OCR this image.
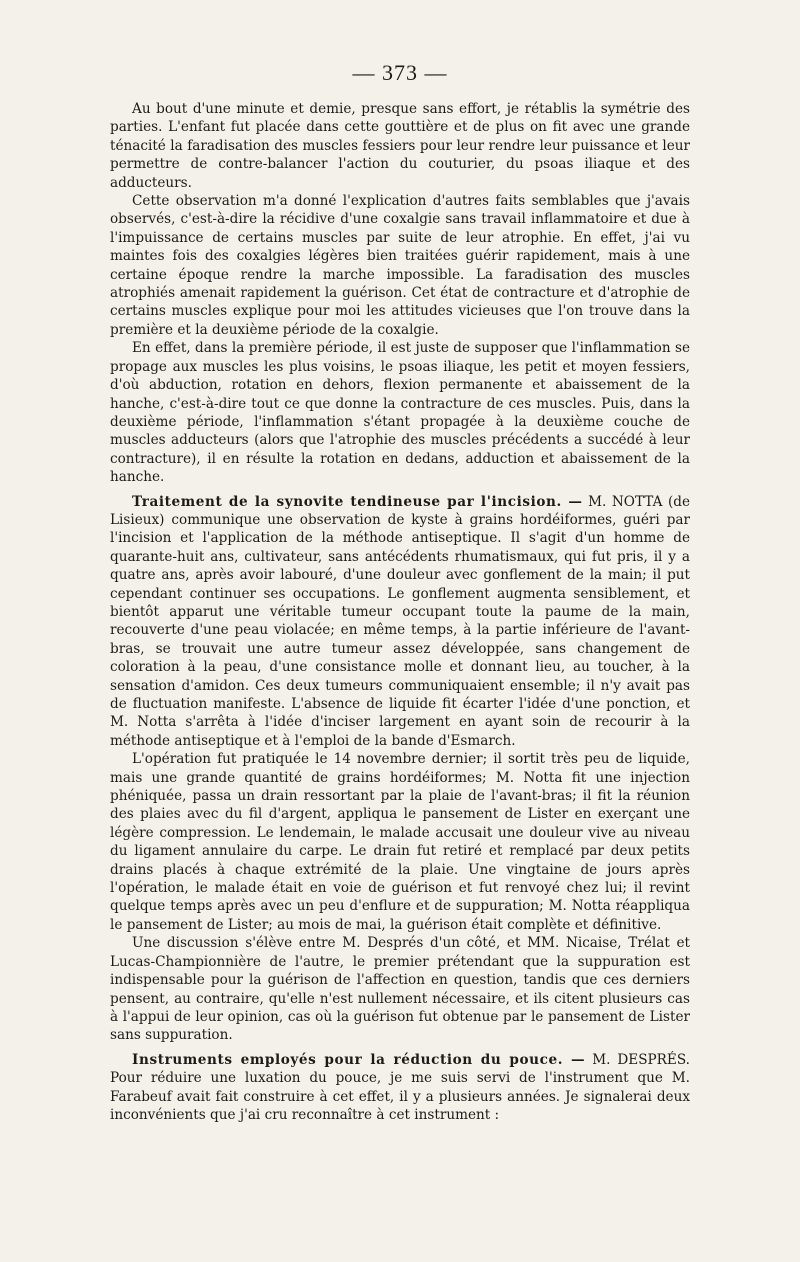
— 373 —

Au bout d'une minute et demie, presque sans effort, je rétablis la symétrie des parties. L'enfant fut placée dans cette gouttière et de plus on fit avec une grande ténacité la faradisation des muscles fessiers pour leur rendre leur puissance et leur permettre de contre-balancer l'action du couturier, du psoas iliaque et des adducteurs.

Cette observation m'a donné l'explication d'autres faits semblables que j'avais observés, c'est-à-dire la récidive d'une coxalgie sans travail inflammatoire et due à l'impuissance de certains muscles par suite de leur atrophie. En effet, j'ai vu maintes fois des coxalgies légères bien traitées guérir rapidement, mais à une certaine époque rendre la marche impossible. La faradisation des muscles atrophiés amenait rapidement la guérison. Cet état de contracture et d'atrophie de certains muscles explique pour moi les attitudes vicieuses que l'on trouve dans la première et la deuxième période de la coxalgie.

En effet, dans la première période, il est juste de supposer que l'inflammation se propage aux muscles les plus voisins, le psoas iliaque, les petit et moyen fessiers, d'où abduction, rotation en dehors, flexion permanente et abaissement de la hanche, c'est-à-dire tout ce que donne la contracture de ces muscles. Puis, dans la deuxième période, l'inflammation s'étant propagée à la deuxième couche de muscles adducteurs (alors que l'atrophie des muscles précédents a succédé à leur contracture), il en résulte la rotation en dedans, adduction et abaissement de la hanche.

Traitement de la synovite tendineuse par l'incision. — M. NOTTA (de Lisieux) communique une observation de kyste à grains hordéiformes, guéri par l'incision et l'application de la méthode antiseptique. Il s'agit d'un homme de quarante-huit ans, cultivateur, sans antécédents rhumatismaux, qui fut pris, il y a quatre ans, après avoir labouré, d'une douleur avec gonflement de la main; il put cependant continuer ses occupations. Le gonflement augmenta sensiblement, et bientôt apparut une véritable tumeur occupant toute la paume de la main, recouverte d'une peau violacée; en même temps, à la partie inférieure de l'avant-bras, se trouvait une autre tumeur assez développée, sans changement de coloration à la peau, d'une consistance molle et donnant lieu, au toucher, à la sensation d'amidon. Ces deux tumeurs communiquaient ensemble; il n'y avait pas de fluctuation manifeste. L'absence de liquide fit écarter l'idée d'une ponction, et M. Notta s'arrêta à l'idée d'inciser largement en ayant soin de recourir à la méthode antiseptique et à l'emploi de la bande d'Esmarch.

L'opération fut pratiquée le 14 novembre dernier; il sortit très peu de liquide, mais une grande quantité de grains hordéiformes; M. Notta fit une injection phéniquée, passa un drain ressortant par la plaie de l'avant-bras; il fit la réunion des plaies avec du fil d'argent, appliqua le pansement de Lister en exerçant une légère compression. Le lendemain, le malade accusait une douleur vive au niveau du ligament annulaire du carpe. Le drain fut retiré et remplacé par deux petits drains placés à chaque extrémité de la plaie. Une vingtaine de jours après l'opération, le malade était en voie de guérison et fut renvoyé chez lui; il revint quelque temps après avec un peu d'enflure et de suppuration; M. Notta réappliqua le pansement de Lister; au mois de mai, la guérison était complète et définitive.

Une discussion s'élève entre M. Després d'un côté, et MM. Nicaise, Trélat et Lucas-Championnière de l'autre, le premier prétendant que la suppuration est indispensable pour la guérison de l'affection en question, tandis que ces derniers pensent, au contraire, qu'elle n'est nullement nécessaire, et ils citent plusieurs cas à l'appui de leur opinion, cas où la guérison fut obtenue par le pansement de Lister sans suppuration.

Instruments employés pour la réduction du pouce. — M. DESPRÉS. Pour réduire une luxation du pouce, je me suis servi de l'instrument que M. Farabeuf avait fait construire à cet effet, il y a plusieurs années. Je signalerai deux inconvénients que j'ai cru reconnaître à cet instrument :
